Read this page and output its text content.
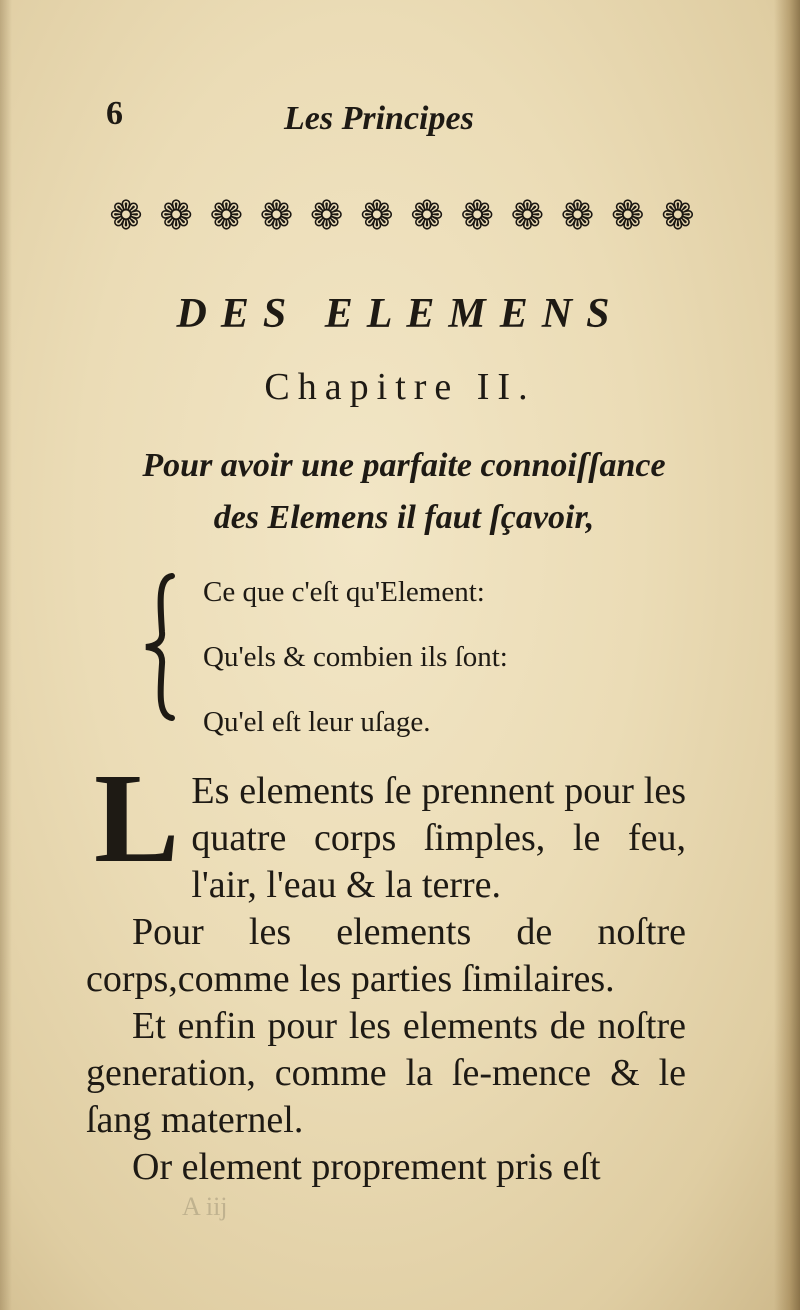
6	Les Principes
❁ ❁ ❁ ❁ ❁ ❁ ❁ ❁ ❁ ❁ ❁ ❁
DES ELEMENS
Chapitre II.
Pour avoir une parfaite connoiſſance
des Elemens il faut ſçavoir,
Ce que c'eſt qu'Element:
Qu'els & combien ils ſont:
Qu'el eſt leur uſage.

L Es elements ſe prennent pour les quatre corps ſimples, le feu, l'air, l'eau & la terre.

Pour les elements de noſtre corps,comme les parties ſimilaires.

Et enfin pour les elements de noſtre generation, comme la ſe-mence & le ſang maternel.

Or element proprement pris eſt

A iij
